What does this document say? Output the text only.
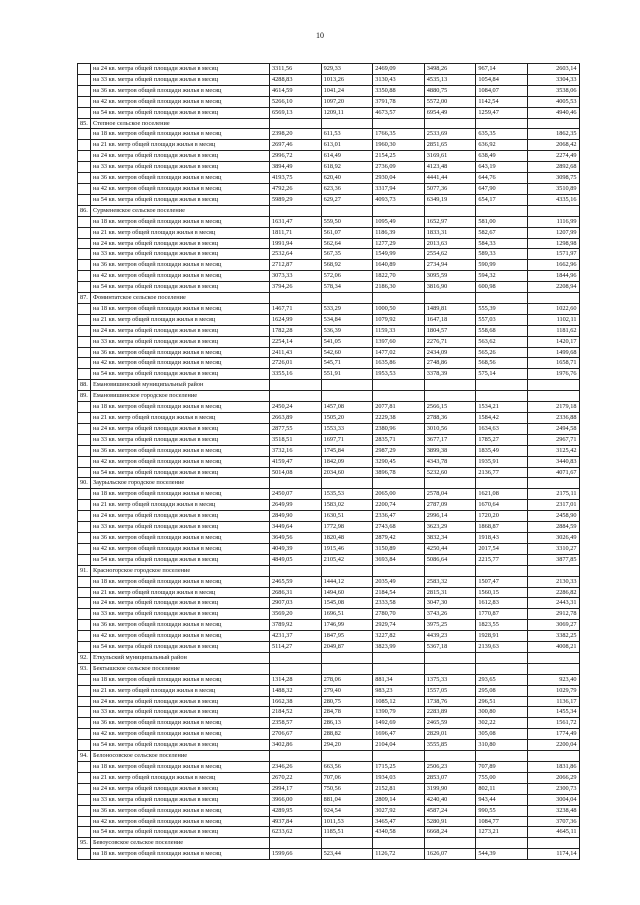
10
	на 24 кв. метра общей площади жилья в месяц	3311,56	929,33	2469,09	3498,26	967,14	2603,14
	на 33 кв. метра общей площади жилья в месяц	4288,83	1013,26	3130,43	4535,13	1054,84	3304,33
	на 36 кв. метров общей площади жилья в месяц	4614,59	1041,24	3350,88	4880,75	1084,07	3538,06
	на 42 кв. метров общей площади жилья в месяц	5266,10	1097,20	3791,78	5572,00	1142,54	4005,53
	на 54 кв. метра общей площади жилья в месяц	6569,13	1209,11	4673,57	6954,49	1259,47	4940,46
85.	Степное сельское поселение						
	на 18 кв. метров общей площади жилья в месяц	2398,20	611,53	1766,35	2533,69	635,35	1862,35
	на 21 кв. метр общей площади жилья в месяц	2697,46	613,01	1960,30	2851,65	636,92	2068,42
	на 24 кв. метра общей площади жилья в месяц	2996,72	614,49	2154,25	3169,61	638,49	2274,49
	на 33 кв. метра общей площади жилья в месяц	3894,49	618,92	2736,09	4123,48	643,19	2892,68
	на 36 кв. метров общей площади жилья в месяц	4193,75	620,40	2930,04	4441,44	644,76	3098,75
	на 42 кв. метров общей площади жилья в месяц	4792,26	623,36	3317,94	5077,36	647,90	3510,89
	на 54 кв. метра общей площади жилья в месяц	5989,29	629,27	4093,73	6349,19	654,17	4335,16
86.	Сурменевское сельское поселение						
	на 18 кв. метров общей площади жилья в месяц	1631,47	559,50	1095,49	1652,97	581,00	1116,99
	на 21 кв. метр общей площади жилья в месяц	1811,71	561,07	1186,39	1833,31	582,67	1207,99
	на 24 кв. метра общей площади жилья в месяц	1991,94	562,64	1277,29	2013,63	584,33	1298,98
	на 33 кв. метра общей площади жилья в месяц	2532,64	567,35	1549,99	2554,62	589,33	1571,97
	на 36 кв. метров общей площади жилья в месяц	2712,87	568,92	1640,89	2734,94	590,99	1662,96
	на 42 кв. метров общей площади жилья в месяц	3073,33	572,06	1822,70	3095,59	594,32	1844,96
	на 54 кв. метра общей площади жилья в месяц	3794,26	578,34	2186,30	3816,90	600,98	2208,94
87.	Фоминтатское сельское поселение						
	на 18 кв. метров общей площади жилья в месяц	1467,71	533,29	1000,50	1489,81	555,39	1022,60
	на 21 кв. метр общей площади жилья в месяц	1624,99	534,84	1079,92	1647,18	557,03	1102,11
	на 24 кв. метра общей площади жилья в месяц	1782,28	536,39	1159,33	1804,57	558,68	1181,62
	на 33 кв. метра общей площади жилья в месяц	2254,14	541,05	1397,60	2276,71	563,62	1420,17
	на 36 кв. метров общей площади жилья в месяц	2411,43	542,60	1477,02	2434,09	565,26	1499,68
	на 42 кв. метров общей площади жилья в месяц	2726,01	545,71	1635,86	2748,86	568,56	1658,71
	на 54 кв. метра общей площади жилья в месяц	3355,16	551,91	1953,53	3378,39	575,14	1976,76
88.	Емановишинский муниципальный район						
89.	Емановишинское городское поселение						
	на 18 кв. метров общей площади жилья в месяц	2450,24	1457,08	2077,81	2566,15	1534,21	2179,18
	на 21 кв. метр общей площади жилья в месяц	2663,89	1505,20	2229,38	2788,36	1584,42	2336,88
	на 24 кв. метра общей площади жилья в месяц	2877,55	1553,33	2380,96	3010,56	1634,63	2494,58
	на 33 кв. метра общей площади жилья в месяц	3518,51	1697,71	2835,71	3677,17	1785,27	2967,71
	на 36 кв. метров общей площади жилья в месяц	3732,16	1745,84	2987,29	3899,38	1835,49	3125,42
	на 42 кв. метров общей площади жилья в месяц	4159,47	1842,09	3290,45	4343,78	1935,91	3440,83
	на 54 кв. метра общей площади жилья в месяц	5014,08	2034,60	3896,78	5232,60	2136,77	4071,67
90.	Заурыльское городское поселение						
	на 18 кв. метров общей площади жилья в месяц	2450,07	1535,53	2065,00	2578,04	1621,08	2175,11
	на 21 кв. метр общей площади жилья в месяц	2649,99	1583,02	2200,74	2787,09	1670,64	2317,01
	на 24 кв. метра общей площади жилья в месяц	2849,90	1630,51	2336,47	2996,14	1720,20	2458,90
	на 33 кв. метра общей площади жилья в месяц	3449,64	1772,98	2743,68	3623,29	1868,87	2884,59
	на 36 кв. метров общей площади жилья в месяц	3649,56	1820,48	2879,42	3832,34	1918,43	3026,49
	на 42 кв. метров общей площади жилья в месяц	4049,39	1915,46	3150,89	4250,44	2017,54	3310,27
	на 54 кв. метра общей площади жилья в месяц	4849,05	2105,42	3693,84	5086,64	2215,77	3877,85
91.	Красногорское городское поселение						
	на 18 кв. метров общей площади жилья в месяц	2465,59	1444,12	2035,49	2583,32	1507,47	2130,33
	на 21 кв. метр общей площади жилья в месяц	2686,31	1494,60	2184,54	2815,31	1560,15	2286,82
	на 24 кв. метра общей площади жилья в месяц	2907,03	1545,08	2333,58	3047,30	1612,83	2443,31
	на 33 кв. метра общей площади жилья в месяц	3569,20	1696,51	2780,70	3743,26	1770,87	2912,78
	на 36 кв. метров общей площади жилья в месяц	3789,92	1746,99	2929,74	3975,25	1823,55	3069,27
	на 42 кв. метров общей площади жилья в месяц	4231,37	1847,95	3227,82	4439,23	1928,91	3382,25
	на 54 кв. метра общей площади жилья в месяц	5114,27	2049,87	3823,99	5367,18	2139,63	4008,21
92.	Еткульский муниципальный район						
93.	Бектышское сельское поселение						
	на 18 кв. метров общей площади жилья в месяц	1314,28	278,06	881,34	1375,33	293,65	923,40
	на 21 кв. метр общей площади жилья в месяц	1488,32	279,40	983,23	1557,05	295,08	1029,79
	на 24 кв. метра общей площади жилья в месяц	1662,38	280,75	1085,12	1738,76	296,51	1136,17
	на 33 кв. метра общей площади жилья в месяц	2184,52	284,78	1390,79	2283,89	300,80	1455,34
	на 36 кв. метров общей площади жилья в месяц	2358,57	286,13	1492,69	2465,59	302,22	1561,72
	на 42 кв. метров общей площади жилья в месяц	2706,67	288,82	1696,47	2829,01	305,08	1774,49
	на 54 кв. метра общей площади жилья в месяц	3402,86	294,20	2104,04	3555,85	310,80	2200,04
94.	Белоносовское сельское поселение						
	на 18 кв. метров общей площади жилья в месяц	2346,26	663,56	1715,25	2506,23	707,89	1831,86
	на 21 кв. метр общей площади жилья в месяц	2670,22	707,06	1934,03	2853,07	755,00	2066,29
	на 24 кв. метра общей площади жилья в месяц	2994,17	750,56	2152,81	3199,90	802,11	2300,73
	на 33 кв. метра общей площади жилья в месяц	3966,00	881,04	2809,14	4240,40	943,44	3004,04
	на 36 кв. метров общей площади жилья в месяц	4289,95	924,54	3027,92	4587,24	990,55	3238,48
	на 42 кв. метров общей площади жилья в месяц	4937,84	1011,53	3465,47	5280,91	1084,77	3707,36
	на 54 кв. метра общей площади жилья в месяц	6233,62	1185,51	4340,58	6668,24	1273,21	4645,11
95.	Бевоусовское сельское поселение						
	на 18 кв. метров общей площади жилья в месяц	1599,66	523,44	1126,72	1626,07	544,39	1174,14
